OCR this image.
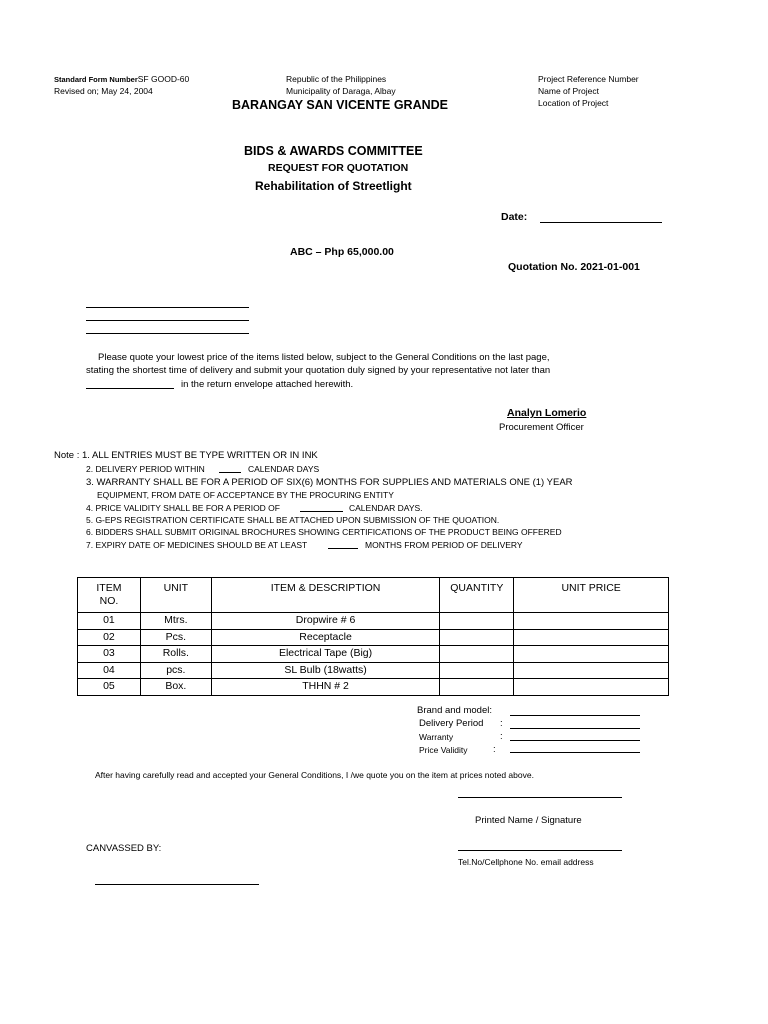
Standard Form NumberSF GOOD-60
Revised on; May 24, 2004
Republic of the Philippines
Municipality of Daraga, Albay
BARANGAY SAN VICENTE GRANDE
Project Reference Number
Name of Project
Location of Project
BIDS & AWARDS COMMITTEE
REQUEST FOR QUOTATION
Rehabilitation of Streetlight
Date:
ABC – Php 65,000.00
Quotation No. 2021-01-001
Please quote your lowest price of the items listed below, subject to the General Conditions on the last page,
stating the shortest time of delivery and submit your quotation duly signed by your representative not later than
in the return envelope attached herewith.
Analyn Lomerio
Procurement Officer
Note : 1. ALL ENTRIES MUST BE TYPE WRITTEN OR IN INK
2. DELIVERY PERIOD WITHIN	CALENDAR DAYS
3. WARRANTY SHALL BE FOR A PERIOD OF SIX(6) MONTHS FOR SUPPLIES AND MATERIALS ONE (1) YEAR
EQUIPMENT, FROM DATE OF ACCEPTANCE BY THE PROCURING ENTITY
4. PRICE VALIDITY SHALL BE FOR A PERIOD OF	CALENDAR DAYS.
5. G-EPS REGISTRATION CERTIFICATE SHALL BE ATTACHED UPON SUBMISSION OF THE QUOATION.
6. BIDDERS SHALL SUBMIT ORIGINAL BROCHURES SHOWING CERTIFICATIONS OF THE PRODUCT BEING OFFERED
7. EXPIRY DATE OF MEDICINES SHOULD BE AT LEAST	MONTHS FROM PERIOD OF DELIVERY
ITEM
NO.	UNIT	ITEM & DESCRIPTION	QUANTITY	UNIT PRICE
01	Mtrs.	Dropwire # 6		
02	Pcs.	Receptacle		
03	Rolls.	Electrical Tape (Big)		
04	pcs.	SL Bulb (18watts)		
05	Box.	THHN # 2		
Brand and model:
Delivery Period :
Warranty	:
Price Validity	:
After having carefully read and accepted your General Conditions, I /we quote you on the item at prices noted above.
Printed Name / Signature
CANVASSED BY:
Tel.No/Cellphone No. email address
